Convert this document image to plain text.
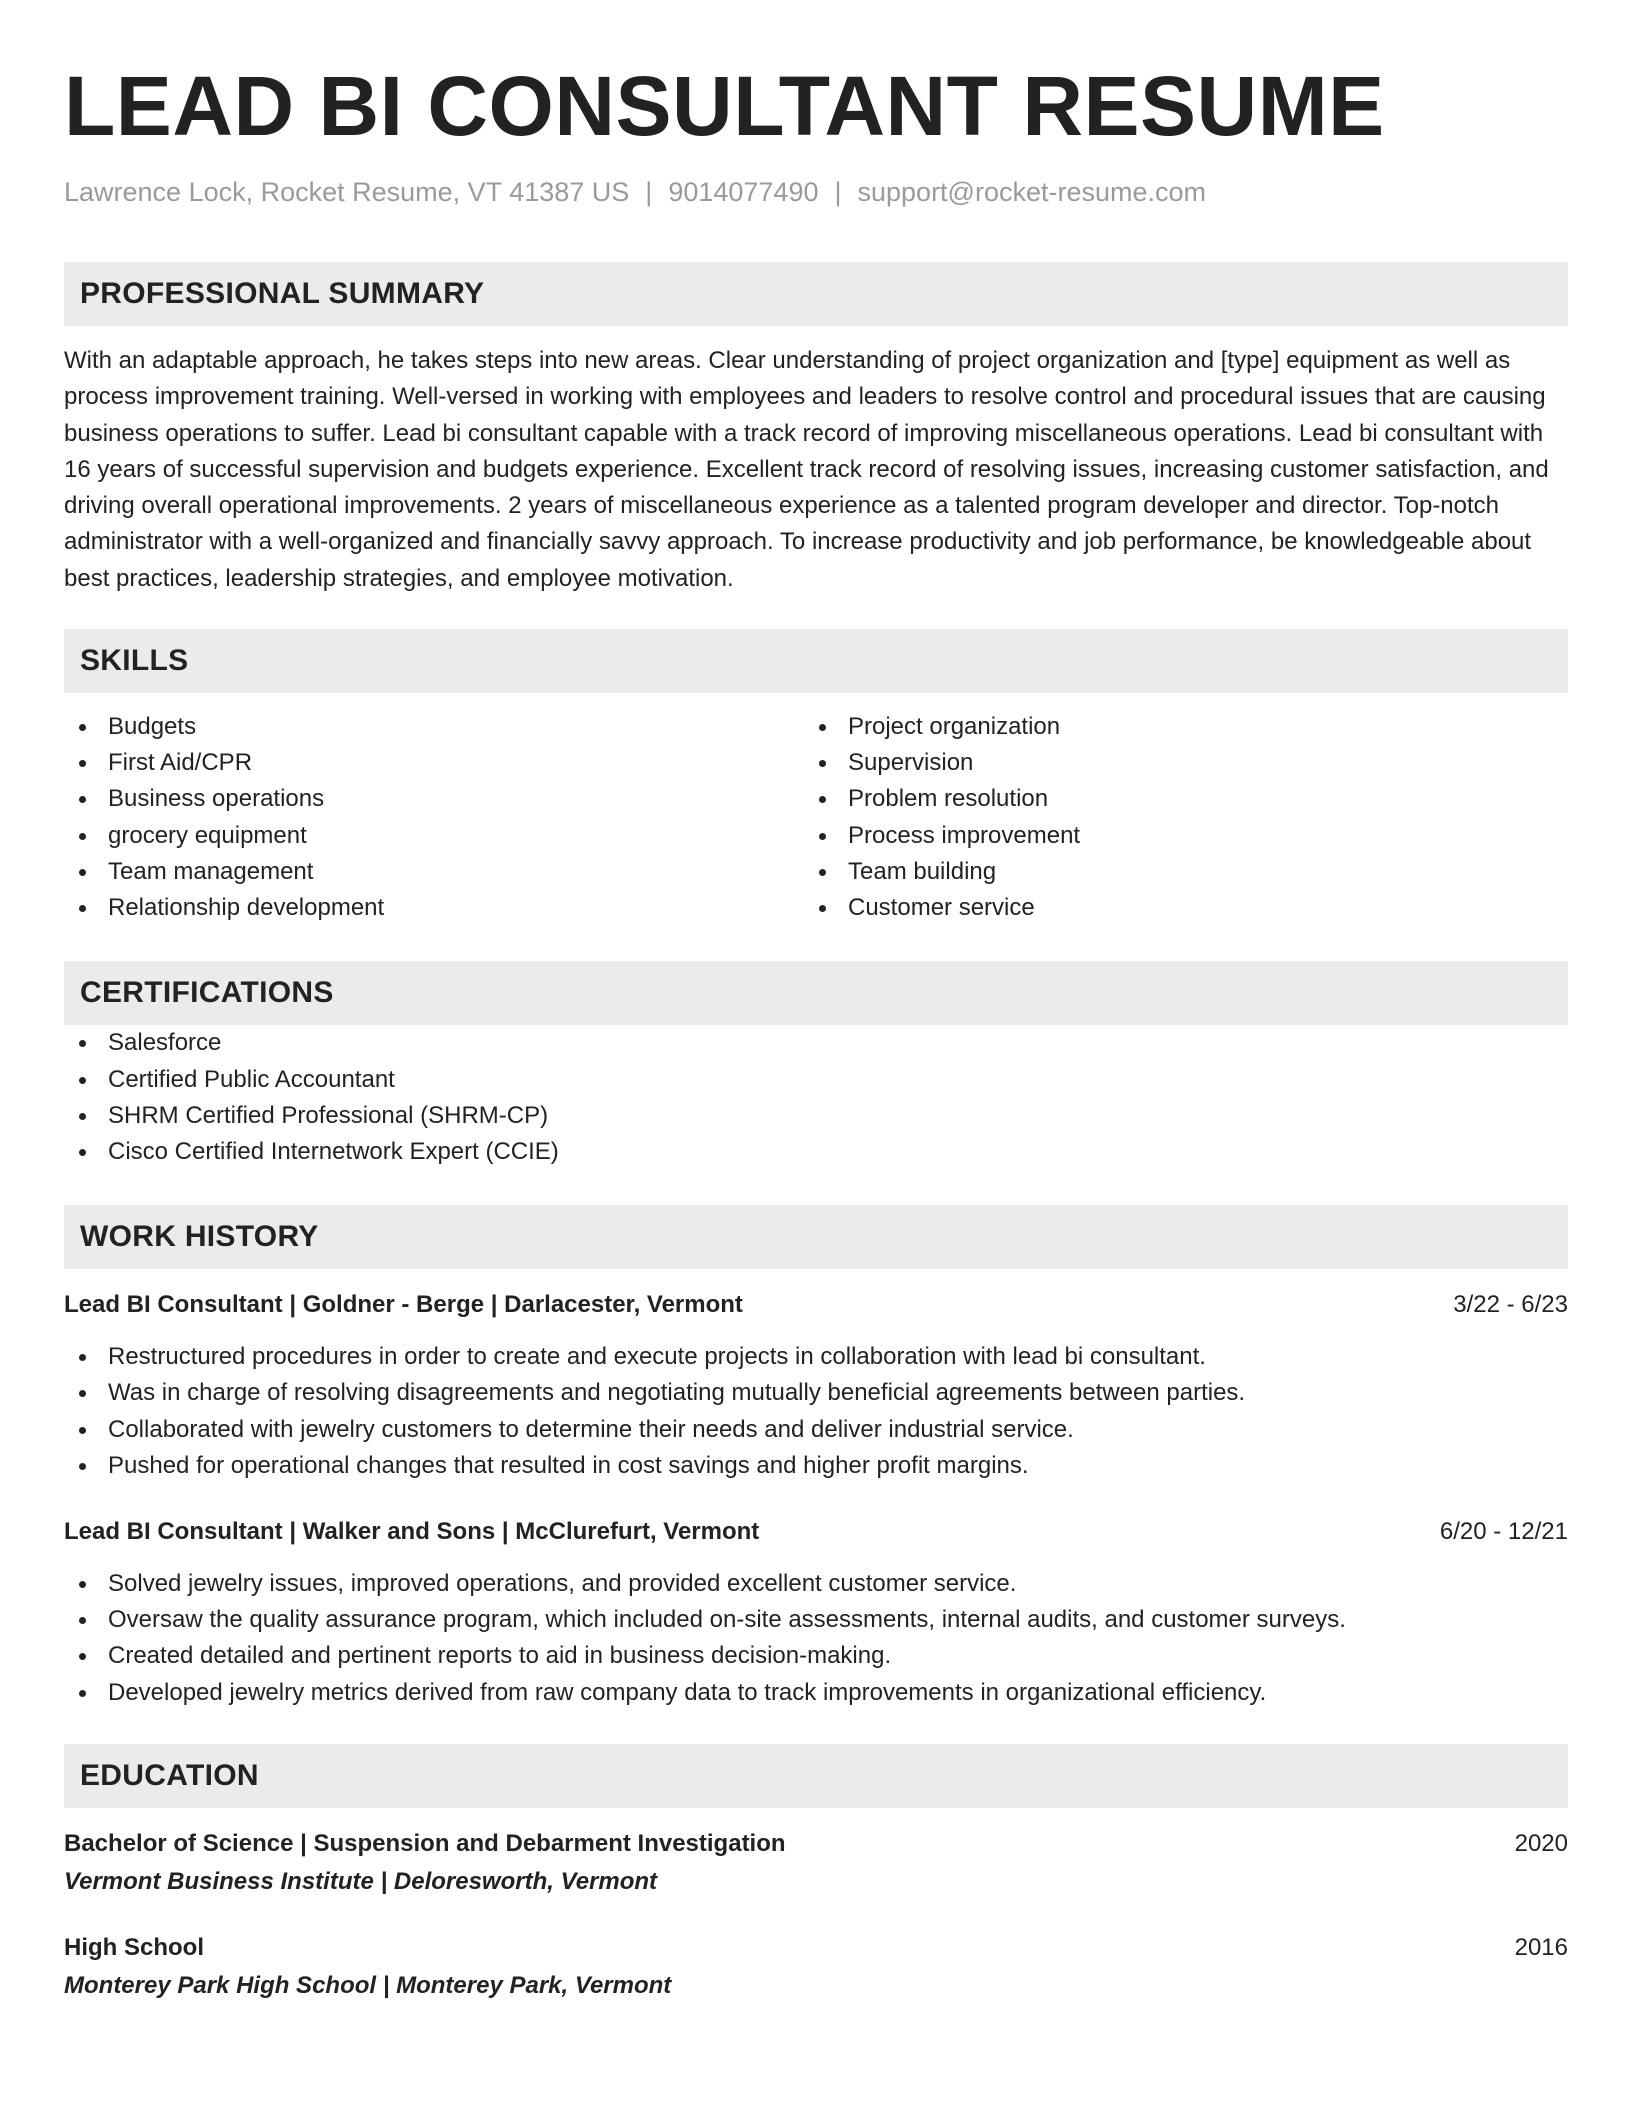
LEAD BI CONSULTANT RESUME
Lawrence Lock, Rocket Resume, VT 41387 US | 9014077490 | support@rocket-resume.com
PROFESSIONAL SUMMARY
With an adaptable approach, he takes steps into new areas. Clear understanding of project organization and [type] equipment as well as process improvement training. Well-versed in working with employees and leaders to resolve control and procedural issues that are causing business operations to suffer. Lead bi consultant capable with a track record of improving miscellaneous operations. Lead bi consultant with 16 years of successful supervision and budgets experience. Excellent track record of resolving issues, increasing customer satisfaction, and driving overall operational improvements. 2 years of miscellaneous experience as a talented program developer and director. Top-notch administrator with a well-organized and financially savvy approach. To increase productivity and job performance, be knowledgeable about best practices, leadership strategies, and employee motivation.
SKILLS
Budgets
First Aid/CPR
Business operations
grocery equipment
Team management
Relationship development
Project organization
Supervision
Problem resolution
Process improvement
Team building
Customer service
CERTIFICATIONS
Salesforce
Certified Public Accountant
SHRM Certified Professional (SHRM-CP)
Cisco Certified Internetwork Expert (CCIE)
WORK HISTORY
Lead BI Consultant | Goldner - Berge | Darlacester, Vermont	3/22 - 6/23
Restructured procedures in order to create and execute projects in collaboration with lead bi consultant.
Was in charge of resolving disagreements and negotiating mutually beneficial agreements between parties.
Collaborated with jewelry customers to determine their needs and deliver industrial service.
Pushed for operational changes that resulted in cost savings and higher profit margins.
Lead BI Consultant | Walker and Sons | McClurefurt, Vermont	6/20 - 12/21
Solved jewelry issues, improved operations, and provided excellent customer service.
Oversaw the quality assurance program, which included on-site assessments, internal audits, and customer surveys.
Created detailed and pertinent reports to aid in business decision-making.
Developed jewelry metrics derived from raw company data to track improvements in organizational efficiency.
EDUCATION
Bachelor of Science | Suspension and Debarment Investigation	2020
Vermont Business Institute | Deloresworth, Vermont
High School	2016
Monterey Park High School | Monterey Park, Vermont
